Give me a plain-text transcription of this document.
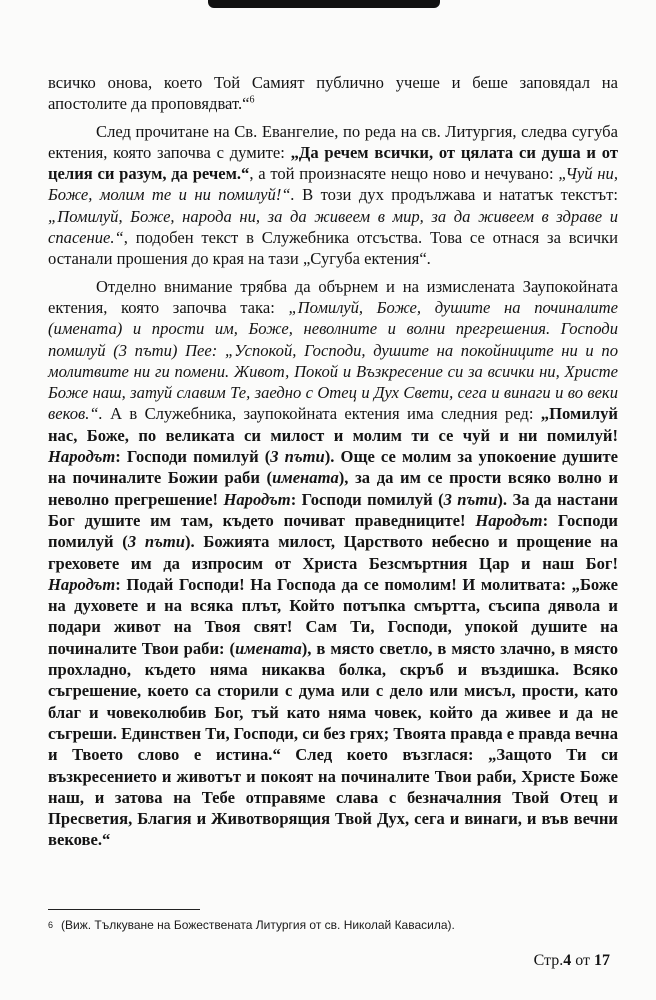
всичко онова, което Той Самият публично учеше и беше заповядал на апостолите да проповядват.“$^6$

След прочитане на Св. Евангелие, по реда на св. Литургия, следва сугуба ектения, която започва с думите: „Да речем всички, от цялата си душа и от целия си разум, да речем.“, а той произнасяте нещо ново и нечувано: „Чуй ни, Боже, молим те и ни помилуй!“. В този дух продължава и нататък текстът: „Помилуй, Боже, народа ни, за да живеем в мир, за да живеем в здраве и спасение.“, подобен текст в Служебника отсъства. Това се отнася за всички останали прошения до края на тази „Сугуба ектения“.

Отделно внимание трябва да обърнем и на измислената Заупокойната ектения, която започва така: „Помилуй, Боже, душите на починалите (имената) и прости им, Боже, неволните и волни прегрешения. Господи помилуй (3 пъти) Пее: „Успокой, Господи, душите на покойниците ни и по молитвите ни ги помени. Живот, Покой и Възкресение си за всички ни, Христе Боже наш, затуй славим Те, заедно с Отец и Дух Свети, сега и винаги и во веки веков.“. А в Служебника, заупокойната ектения има следния ред: „Помилуй нас, Боже, по великата си милост и молим ти се чуй и ни помилуй! Народът: Господи помилуй (3 пъти). Още се молим за упокоение душите на починалите Божии раби (имената), за да им се прости всяко волно и неволно прегрешение! Народът: Господи помилуй (3 пъти). За да настани Бог душите им там, където почиват праведниците! Народът: Господи помилуй (3 пъти). Божията милост, Царството небесно и прощение на греховете им да изпросим от Христа Безсмъртния Цар и наш Бог! Народът: Подай Господи! На Господа да се помолим! И молитвата: „Боже на духовете и на всяка плът, Който потъпка смъртта, съсипа дявола и подари живот на Твоя свят! Сам Ти, Господи, упокой душите на починалите Твои раби: (имената), в място светло, в място злачно, в място прохладно, където няма никаква болка, скръб и въздишка. Всяко съгрешение, което са сторили с дума или с дело или мисъл, прости, като благ и човеколюбив Бог, тъй като няма човек, който да живее и да не съгреши. Единствен Ти, Господи, си без грях; Твоята правда е правда вечна и Твоето слово е истина.“ След което възглася: „Защото Ти си възкресението и животът и покоят на починалите Твои раби, Христе Боже наш, и затова на Тебе отправяме слава с безначалния Твой Отец и Пресветия, Благия и Животворящия Твой Дух, сега и винаги, и във вечни векове.“

$^6$ (Виж. Тълкуване на Божествената Литургия от св. Николай Кавасила).
Стр.4 от 17
